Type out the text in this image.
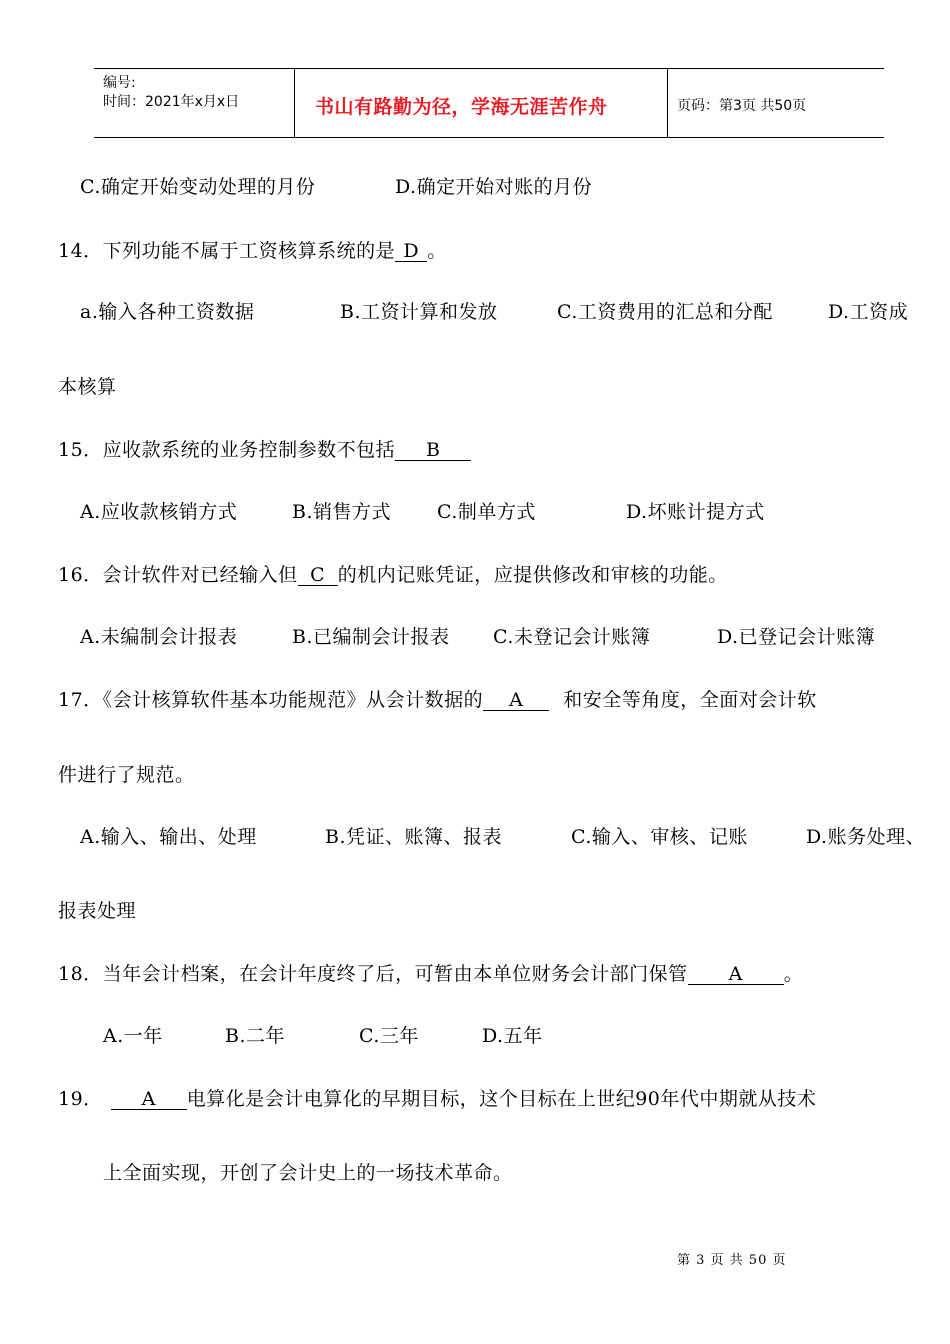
编号:
时间：2021年x月x日	书山有路勤为径，学海无涯苦作舟	页码：第3页 共50页
C.确定开始变动处理的月份	D.确定开始对账的月份
14．下列功能不属于工资核算系统的是 D 。
a.输入各种工资数据	B.工资计算和发放	C.工资费用的汇总和分配	D.工资成
本核算
15．应收款系统的业务控制参数不包括 B
A.应收款核销方式	B.销售方式 C.制单方式	D.坏账计提方式
16．会计软件对已经输入但 C 的机内记账凭证，应提供修改和审核的功能。
A.未编制会计报表	B.已编制会计报表 C.未登记会计账簿	D.已登记会计账簿
17．《会计核算软件基本功能规范》从会计数据的 A 和安全等角度，全面对会计软
件进行了规范。
A.输入、输出、处理	B.凭证、账簿、报表	C.输入、审核、记账	D.账务处理、
报表处理
18．当年会计档案，在会计年度终了后，可暂由本单位财务会计部门保管 A 。
A.一年	B.二年	C.三年	D.五年
19． A 电算化是会计电算化的早期目标，这个目标在上世纪90年代中期就从技术
上全面实现，开创了会计史上的一场技术革命。
第 3 页 共 50 页
